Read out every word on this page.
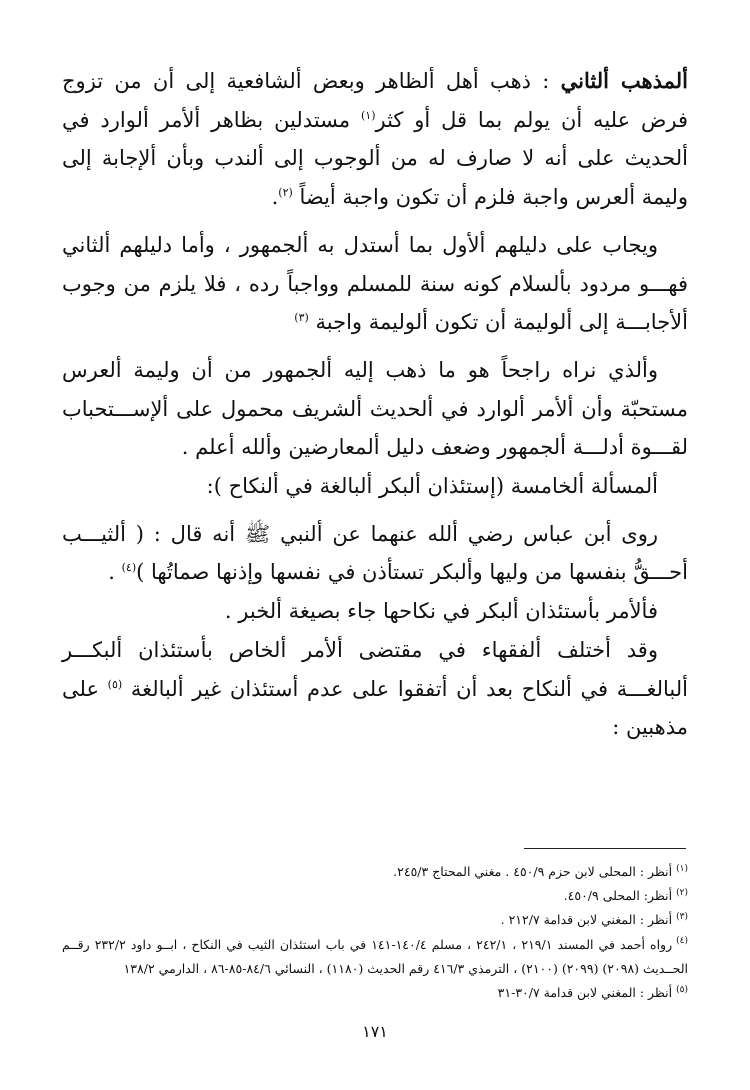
ألمذهب ألثاني : ذهب أهل ألظاهر وبعض ألشافعية إلى أن من تزوج فرض عليه أن يولم بما قل أو كثر$^{(١)}$ مستدلين بظاهر ألأمر ألوارد في ألحديث على أنه لا صارف له من ألوجوب إلى ألندب وبأن ألإجابة إلى وليمة ألعرس واجبة فلزم أن تكون واجبة أيضاً $^{(٢)}$.

ويجاب على دليلهم ألأول بما أستدل به ألجمهور ، وأما دليلهم ألثاني فهـــو مردود بألسلام كونه سنة للمسلم وواجباً رده ، فلا يلزم من وجوب ألأجابـــة إلى ألوليمة أن تكون ألوليمة واجبة $^{(٣)}$

وألذي نراه راجحاً هو ما ذهب إليه ألجمهور من أن وليمة ألعرس مستحبّة وأن ألأمر ألوارد في ألحديث ألشريف محمول على ألإســـتحباب لقـــوة أدلـــة ألجمهور وضعف دليل ألمعارضين وألله أعلم .

ألمسألة ألخامسة (إستئذان ألبكر ألبالغة في ألنكاح ):

روى أبن عباس رضي ألله عنهما عن ألنبي ﷺ أنه قال : ( ألثيـــب أحـــقُّ بنفسها من وليها وألبكر تستأذن في نفسها وإذنها صماتُها )$^{(٤)}$ .

فألأمر بأستئذان ألبكر في نكاحها جاء بصيغة ألخبر .

وقد أختلف ألفقهاء في مقتضى ألأمر ألخاص بأستئذان ألبكـــر ألبالغـــة في ألنكاح بعد أن أتفقوا على عدم أستئذان غير ألبالغة $^{(٥)}$ على مذهبين :

$^{(١)}$أنظر : المحلى لابن حزم ٤٥٠/٩ . مغني المحتاج ٢٤٥/٣.

$^{(٢)}$أنظر: المحلى ٤٥٠/٩.

$^{(٣)}$أنظر : المغني لابن قدامة ٢١٢/٧ .

$^{(٤)}$رواه أحمد في المسند ٢١٩/١ ، ٢٤٢/١ ، مسلم ١٤٠/٤-١٤١ في باب استئذان الثيب في النكاح ، ابــو داود ٢٣٢/٢ رقــم الحــديث (٢٠٩٨) (٢٠٩٩) (٢١٠٠) ، الترمذي ٤١٦/٣ رقم الحديث (١١٨٠) ، النسائي ٨٤/٦-٨٥-٨٦ ، الدارمي ١٣٨/٢

$^{(٥)}$أنظر : المغني لابن قدامة ٣٠/٧-٣١

١٧١
